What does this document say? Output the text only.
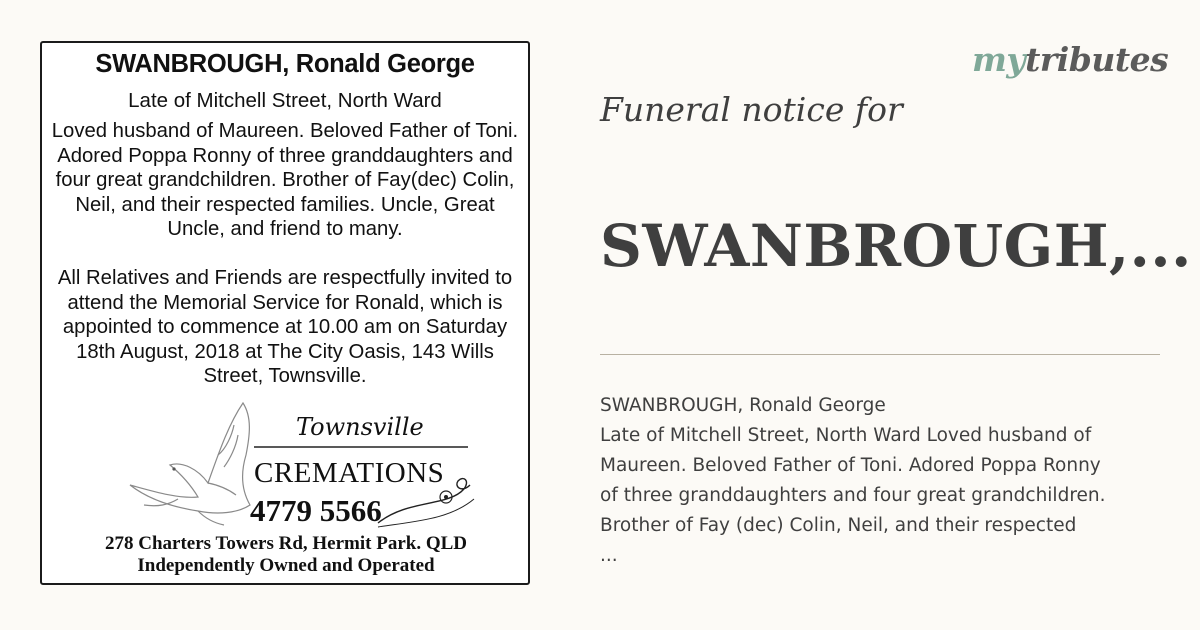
SWANBROUGH, Ronald George
Late of Mitchell Street, North Ward

Loved husband of Maureen. Beloved Father of Toni. Adored Poppa Ronny of three granddaughters and four great grandchildren. Brother of Fay(dec) Colin, Neil, and their respected families. Uncle, Great Uncle, and friend to many.

All Relatives and Friends are respectfully invited to attend the Memorial Service for Ronald, which is appointed to commence at 10.00 am on Saturday 18th August, 2018 at The City Oasis, 143 Wills Street, Townsville.

Townsville
CREMATIONS
4779 5566
278 Charters Towers Rd, Hermit Park. QLD
Independently Owned and Operated
mytributes
Funeral notice for
SWANBROUGH,...
SWANBROUGH, Ronald George
Late of Mitchell Street, North Ward Loved husband of
Maureen. Beloved Father of Toni. Adored Poppa Ronny
of three granddaughters and four great grandchildren.
Brother of Fay (dec) Colin, Neil, and their respected
...
